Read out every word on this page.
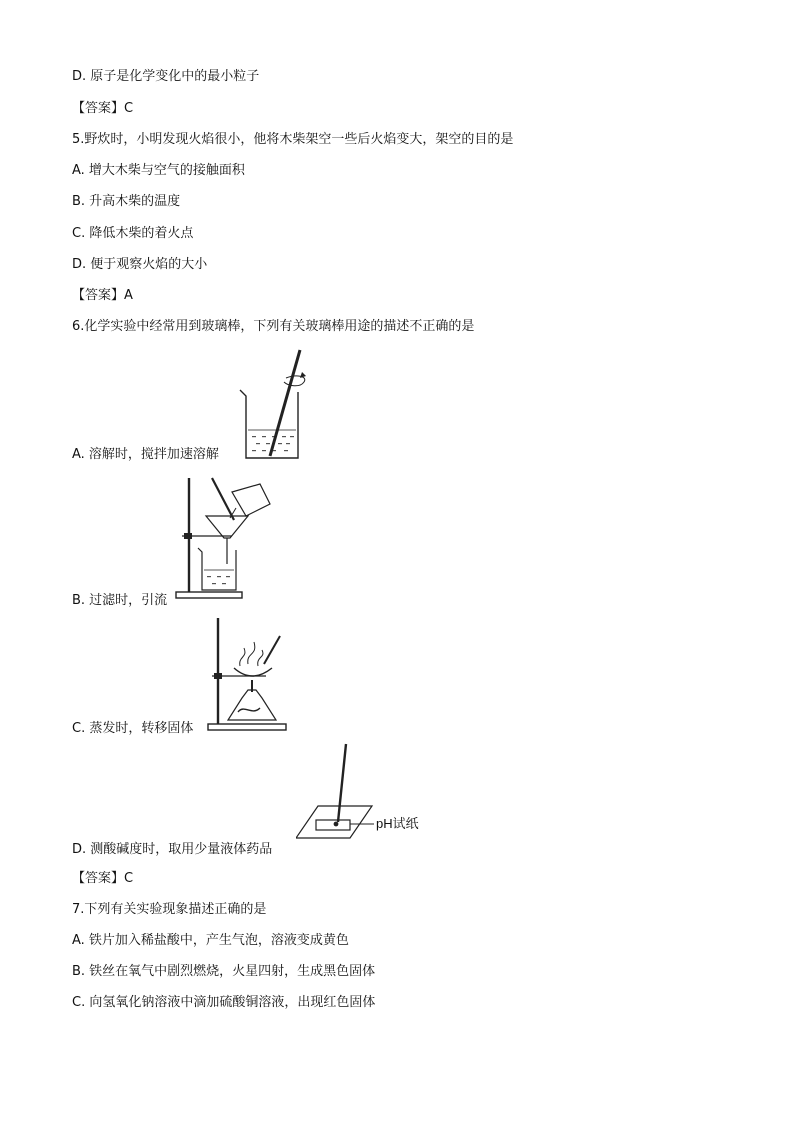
D. 原子是化学变化中的最小粒子
【答案】C
5.野炊时，小明发现火焰很小，他将木柴架空一些后火焰变大，架空的目的是
A. 增大木柴与空气的接触面积
B. 升高木柴的温度
C. 降低木柴的着火点
D. 便于观察火焰的大小
【答案】A
6.化学实验中经常用到玻璃棒，下列有关玻璃棒用途的描述不正确的是
A. 溶解时，搅拌加速溶解
B. 过滤时，引流
C. 蒸发时，转移固体
pH试纸
D. 测酸碱度时，取用少量液体药品
【答案】C
7.下列有关实验现象描述正确的是
A. 铁片加入稀盐酸中，产生气泡，溶液变成黄色
B. 铁丝在氧气中剧烈燃烧，火星四射，生成黑色固体
C. 向氢氧化钠溶液中滴加硫酸铜溶液，出现红色固体
